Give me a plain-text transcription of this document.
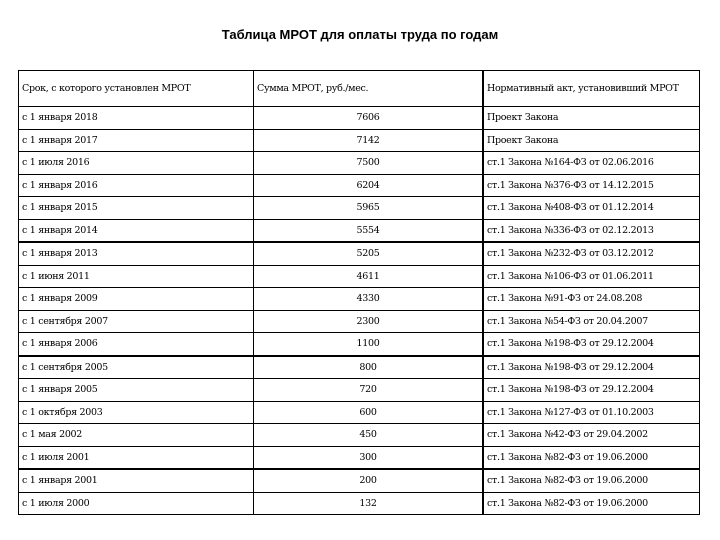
Таблица МРОТ для оплаты труда по годам
Срок, с которого установлен МРОТ	Сумма МРОТ, руб./мес.	Нормативный акт, установивший МРОТ
с 1 января 2018	7606	Проект Закона
с 1 января 2017	7142	Проект Закона
с 1 июля 2016	7500	ст.1 Закона №164-ФЗ от 02.06.2016
с 1 января 2016	6204	ст.1 Закона №376-ФЗ от 14.12.2015
с 1 января 2015	5965	ст.1 Закона №408-ФЗ от 01.12.2014
с 1 января 2014	5554	ст.1 Закона №336-ФЗ от 02.12.2013
с 1 января 2013	5205	ст.1 Закона №232-ФЗ от 03.12.2012
с 1 июня 2011	4611	ст.1 Закона №106-ФЗ от 01.06.2011
с 1 января 2009	4330	ст.1 Закона №91-ФЗ от 24.08.208
с 1 сентября 2007	2300	ст.1 Закона №54-ФЗ от 20.04.2007
с 1 января 2006	1100	ст.1 Закона №198-ФЗ от 29.12.2004
с 1 сентября 2005	800	ст.1 Закона №198-ФЗ от 29.12.2004
с 1 января 2005	720	ст.1 Закона №198-ФЗ от 29.12.2004
с 1 октября 2003	600	ст.1 Закона №127-ФЗ от 01.10.2003
с 1 мая 2002	450	ст.1 Закона №42-ФЗ от 29.04.2002
с 1 июля 2001	300	ст.1 Закона №82-ФЗ от 19.06.2000
с 1 января 2001	200	ст.1 Закона №82-ФЗ от 19.06.2000
с 1 июля 2000	132	ст.1 Закона №82-ФЗ от 19.06.2000
